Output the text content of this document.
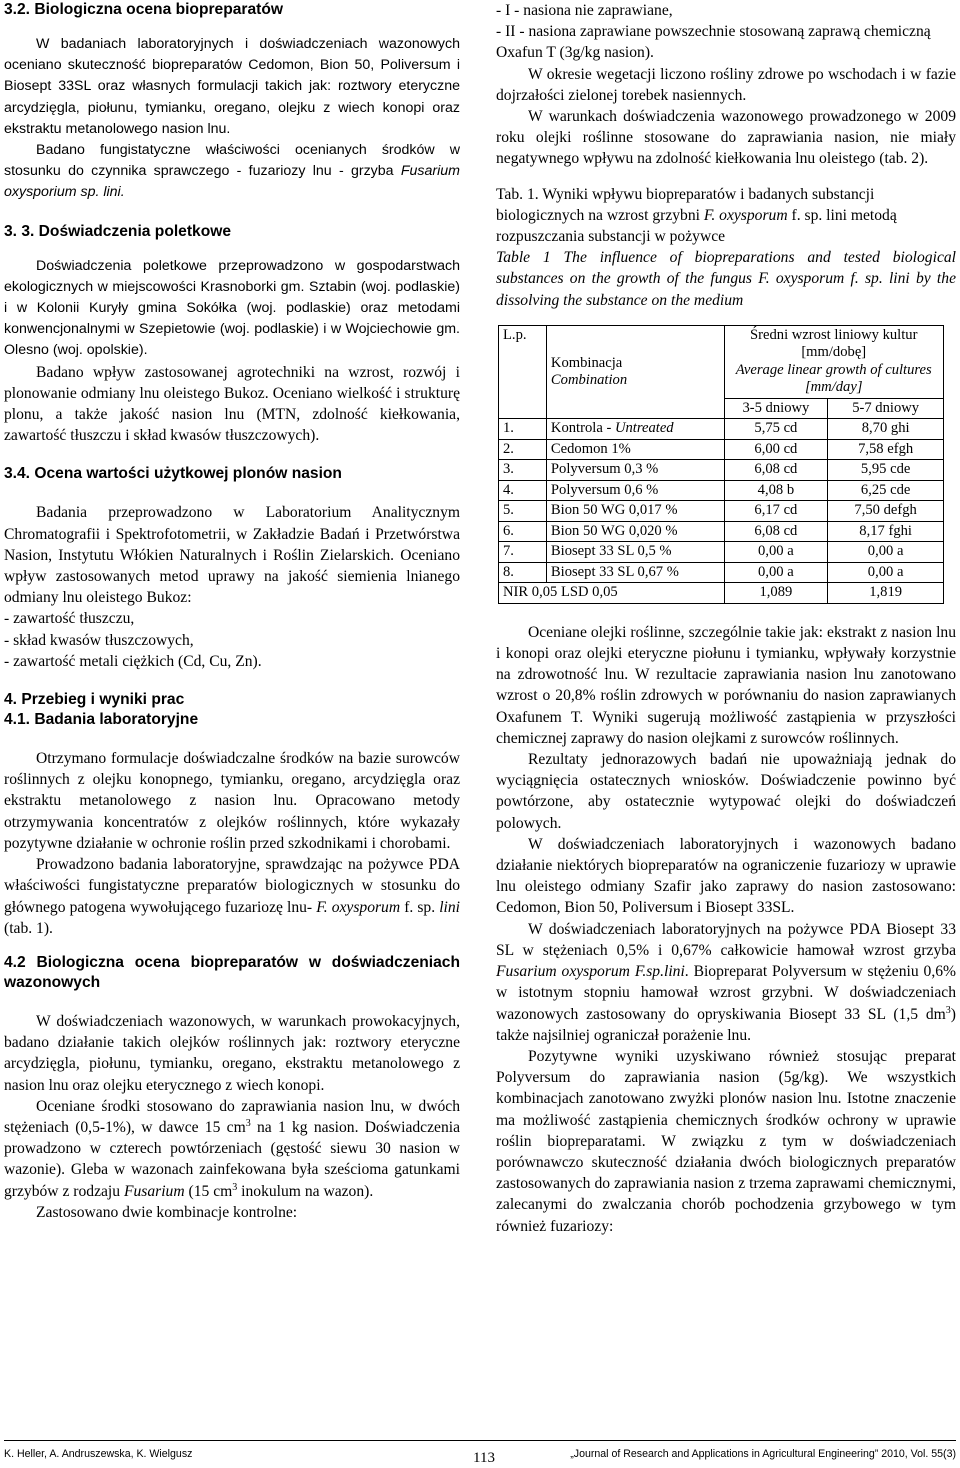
3.2. Biologiczna ocena biopreparatów

W badaniach laboratoryjnych i doświadczeniach wazonowych oceniano skuteczność biopreparatów Cedomon, Bion 50, Poliversum i Biosept 33SL oraz własnych formulacji takich jak: roztwory eteryczne arcydzięgla, piołunu, tymianku, oregano, olejku z wiech konopi oraz ekstraktu metanolowego nasion lnu.

Badano fungistatyczne właściwości ocenianych środków w stosunku do czynnika sprawczego - fuzariozy lnu - grzyba Fusarium oxysporium sp. lini.

3. 3. Doświadczenia poletkowe

Doświadczenia poletkowe przeprowadzono w gospodarstwach ekologicznych w miejscowości Krasnoborki gm. Sztabin (woj. podlaskie) i w Kolonii Kuryły gmina Sokółka (woj. podlaskie) oraz metodami konwencjonalnymi w Szepietowie (woj. podlaskie) i w Wojciechowie gm. Olesno (woj. opolskie).

Badano wpływ zastosowanej agrotechniki na wzrost, rozwój i plonowanie odmiany lnu oleistego Bukoz. Oceniano wielkość i strukturę plonu, a także jakość nasion lnu (MTN, zdolność kiełkowania, zawartość tłuszczu i skład kwasów tłuszczowych).

3.4. Ocena wartości użytkowej plonów nasion

Badania przeprowadzono w Laboratorium Analitycznym Chromatografii i Spektrofotometrii, w Zakładzie Badań i Przetwórstwa Nasion, Instytutu Włókien Naturalnych i Roślin Zielarskich. Oceniano wpływ zastosowanych metod uprawy na jakość siemienia lnianego odmiany lnu oleistego Bukoz:

- zawartość tłuszczu,

- skład kwasów tłuszczowych,

- zawartość metali ciężkich (Cd, Cu, Zn).

4. Przebieg i wyniki prac

4.1. Badania laboratoryjne

Otrzymano formulacje doświadczalne środków na bazie surowców roślinnych z olejku konopnego, tymianku, oregano, arcydzięgla oraz ekstraktu metanolowego z nasion lnu. Opracowano metody otrzymywania koncentratów z olejków roślinnych, które wykazały pozytywne działanie w ochronie roślin przed szkodnikami i chorobami.

Prowadzono badania laboratoryjne, sprawdzając na pożywce PDA właściwości fungistatyczne preparatów biologicznych w stosunku do głównego patogena wywołującego fuzariozę lnu- F. oxysporum f. sp. lini (tab. 1).

4.2 Biologiczna ocena biopreparatów w doświadczeniach wazonowych

W doświadczeniach wazonowych, w warunkach prowokacyjnych, badano działanie takich olejków roślinnych jak: roztwory eteryczne arcydzięgla, piołunu, tymianku, oregano, ekstraktu metanolowego z nasion lnu oraz olejku eterycznego z wiech konopi.

Oceniane środki stosowano do zaprawiania nasion lnu, w dwóch stężeniach (0,5-1%), w dawce 15 $cm^3$ na 1 kg nasion. Doświadczenia prowadzono w czterech powtórzeniach (gęstość siewu 30 nasion w wazonie). Gleba w wazonach zainfekowana była sześcioma gatunkami grzybów z rodzaju Fusarium (15 $cm^3$ inokulum na wazon).

Zastosowano dwie kombinacje kontrolne:

- I - nasiona nie zaprawiane,

- II - nasiona zaprawiane powszechnie stosowaną zaprawą chemiczną Oxafun T (3g/kg nasion).

W okresie wegetacji liczono rośliny zdrowe po wschodach i w fazie dojrzałości zielonej torebek nasiennych.

W warunkach doświadczenia wazonowego prowadzonego w 2009 roku olejki roślinne stosowane do zaprawiania nasion, nie miały negatywnego wpływu na zdolność kiełkowania lnu oleistego (tab. 2).

Tab. 1. Wyniki wpływu biopreparatów i badanych substancji biologicznych na wzrost grzybni F. oxysporum f. sp. lini metodą rozpuszczania substancji w pożywce

Table 1 The influence of biopreparations and tested biological substances on the growth of the fungus F. oxysporum f. sp. lini by the dissolving the substance on the medium

L.p.	Kombinacja
Combination	Średni wzrost liniowy kultur [mm/dobę]
Average linear growth of cultures [mm/day]	
		3-5 dniowy	5-7 dniowy
1.	Kontrola - Untreated	5,75 cd	8,70 ghi
2.	Cedomon 1%	6,00 cd	7,58 efgh
3.	Polyversum 0,3 %	6,08 cd	5,95 cde
4.	Polyversum 0,6 %	4,08 b	6,25 cde
5.	Bion 50 WG 0,017 %	6,17 cd	7,50 defgh
6.	Bion 50 WG 0,020 %	6,08 cd	8,17 fghi
7.	Biosept 33 SL 0,5 %	0,00 a	0,00 a
8.	Biosept 33 SL 0,67 %	0,00 a	0,00 a
NIR 0,05 LSD 0,05		1,089	1,819

Oceniane olejki roślinne, szczególnie takie jak: ekstrakt z nasion lnu i konopi oraz olejki eteryczne piołunu i tymianku, wpływały korzystnie na zdrowotność lnu. W rezultacie zaprawiania nasion lnu zanotowano wzrost o 20,8% roślin zdrowych w porównaniu do nasion zaprawianych Oxafunem T. Wyniki sugerują możliwość zastąpienia w przyszłości chemicznej zaprawy do nasion olejkami z surowców roślinnych.

Rezultaty jednorazowych badań nie upoważniają jednak do wyciągnięcia ostatecznych wniosków. Doświadczenie powinno być powtórzone, aby ostatecznie wytypować olejki do doświadczeń polowych.

W doświadczeniach laboratoryjnych i wazonowych badano działanie niektórych biopreparatów na ograniczenie fuzariozy w uprawie lnu oleistego odmiany Szafir jako zaprawy do nasion zastosowano: Cedomon, Bion 50, Poliversum i Biosept 33SL.

W doświadczeniach laboratoryjnych na pożywce PDA Biosept 33 SL w stężeniach 0,5% i 0,67% całkowicie hamował wzrost grzyba Fusarium oxysporum F.sp.lini. Biopreparat Polyversum w stężeniu 0,6% w istotnym stopniu hamował wzrost grzybni. W doświadczeniach wazonowych zastosowany do opryskiwania Biosept 33 SL (1,5 $dm^3$) także najsilniej ograniczał porażenie lnu.

Pozytywne wyniki uzyskiwano również stosując preparat Polyversum do zaprawiania nasion (5g/kg). We wszystkich kombinacjach zanotowano zwyżki plonów nasion lnu. Istotne znaczenie ma możliwość zastąpienia chemicznych środków ochrony w uprawie roślin biopreparatami. W związku z tym w doświadczeniach porównawczo skuteczność działania dwóch biologicznych preparatów zastosowanych do zaprawiania nasion z trzema zaprawami chemicznymi, zalecanymi do zwalczania chorób pochodzenia grzybowego w tym również fuzariozy:

K. Heller, A. Andruszewska, K. Wielgusz	113	„Journal of Research and Applications in Agricultural Engineering” 2010, Vol. 55(3)
